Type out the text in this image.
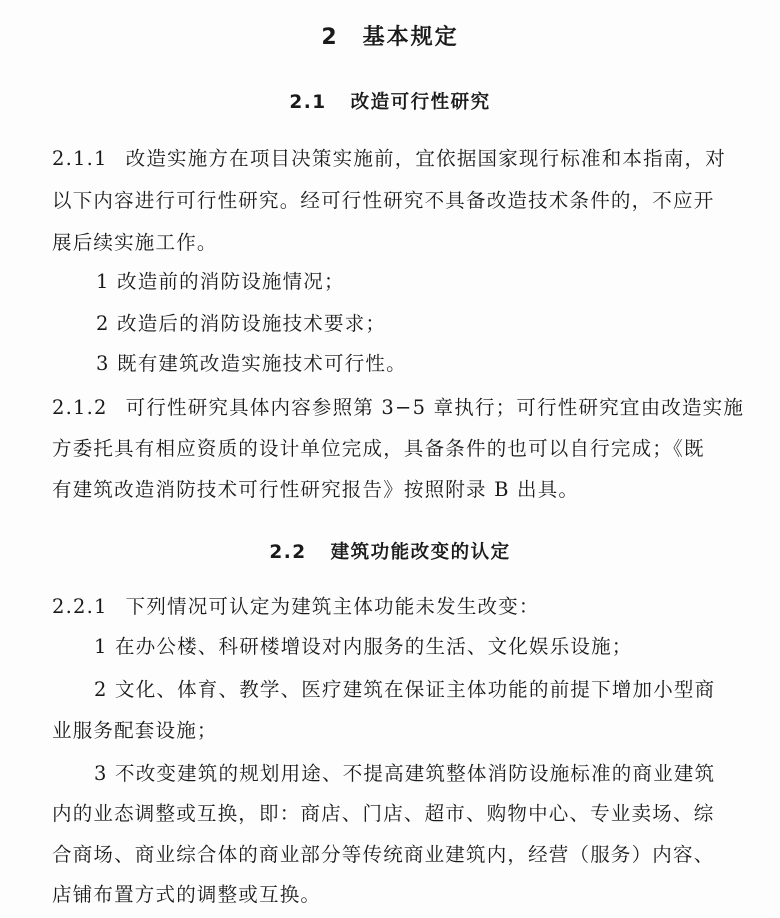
2 基本规定
2.1 改造可行性研究
2.1.1 改造实施方在项目决策实施前，宜依据国家现行标准和本指南，对
以下内容进行可行性研究。经可行性研究不具备改造技术条件的，不应开
展后续实施工作。
1 改造前的消防设施情况；
2 改造后的消防设施技术要求；
3 既有建筑改造实施技术可行性。
2.1.2 可行性研究具体内容参照第 3−5 章执行；可行性研究宜由改造实施
方委托具有相应资质的设计单位完成，具备条件的也可以自行完成；《既
有建筑改造消防技术可行性研究报告》按照附录 B 出具。
2.2 建筑功能改变的认定
2.2.1 下列情况可认定为建筑主体功能未发生改变：
1 在办公楼、科研楼增设对内服务的生活、文化娱乐设施；
2 文化、体育、教学、医疗建筑在保证主体功能的前提下增加小型商
业服务配套设施；
3 不改变建筑的规划用途、不提高建筑整体消防设施标准的商业建筑
内的业态调整或互换，即：商店、门店、超市、购物中心、专业卖场、综
合商场、商业综合体的商业部分等传统商业建筑内，经营（服务）内容、
店铺布置方式的调整或互换。
